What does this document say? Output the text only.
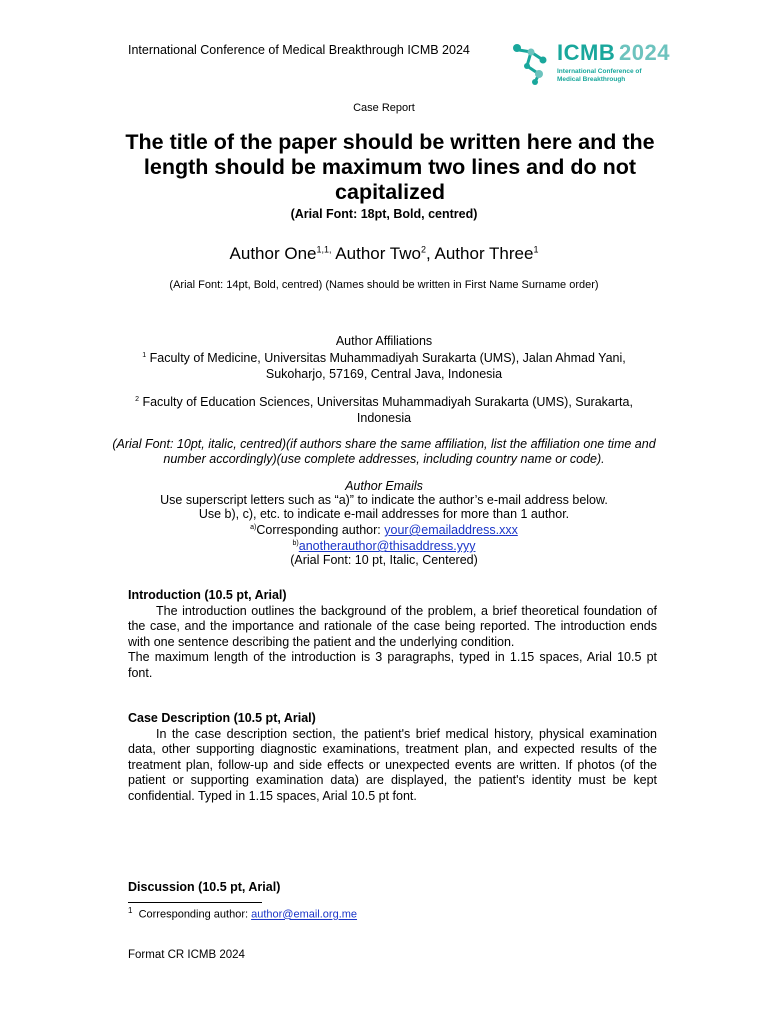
International Conference of Medical Breakthrough ICMB 2024	ICMB 2024
International Conference of
Medical Breakthrough
Case Report
The title of the paper should be written here and the length should be maximum two lines and do not capitalized
(Arial Font: 18pt, Bold, centred)
Author One$^{1,1,}$ Author Two$^2$, Author Three$^1$
(Arial Font: 14pt, Bold, centred) (Names should be written in First Name Surname order)
Author Affiliations
$^1$ Faculty of Medicine, Universitas Muhammadiyah Surakarta (UMS), Jalan Ahmad Yani, Sukoharjo, 57169, Central Java, Indonesia
$^2$ Faculty of Education Sciences, Universitas Muhammadiyah Surakarta (UMS), Surakarta, Indonesia
(Arial Font: 10pt, italic, centred)(if authors share the same affiliation, list the affiliation one time and number accordingly)(use complete addresses, including country name or code).
Author Emails
Use superscript letters such as “a)” to indicate the author’s e-mail address below.
Use b), c), etc. to indicate e-mail addresses for more than 1 author.
$^{a)}$Corresponding author: your@emailaddress.xxx
$^{b)}$anotherauthor@thisaddress.yyy
(Arial Font: 10 pt, Italic, Centered)
Introduction (10.5 pt, Arial)
The introduction outlines the background of the problem, a brief theoretical foundation of the case, and the importance and rationale of the case being reported. The introduction ends with one sentence describing the patient and the underlying condition.
The maximum length of the introduction is 3 paragraphs, typed in 1.15 spaces, Arial 10.5 pt font.
Case Description (10.5 pt, Arial)
In the case description section, the patient's brief medical history, physical examination data, other supporting diagnostic examinations, treatment plan, and expected results of the treatment plan, follow-up and side effects or unexpected events are written. If photos (of the patient or supporting examination data) are displayed, the patient's identity must be kept confidential. Typed in 1.15 spaces, Arial 10.5 pt font.
Discussion (10.5 pt, Arial)
$^1$ Corresponding author: author@email.org.me
Format CR ICMB 2024
